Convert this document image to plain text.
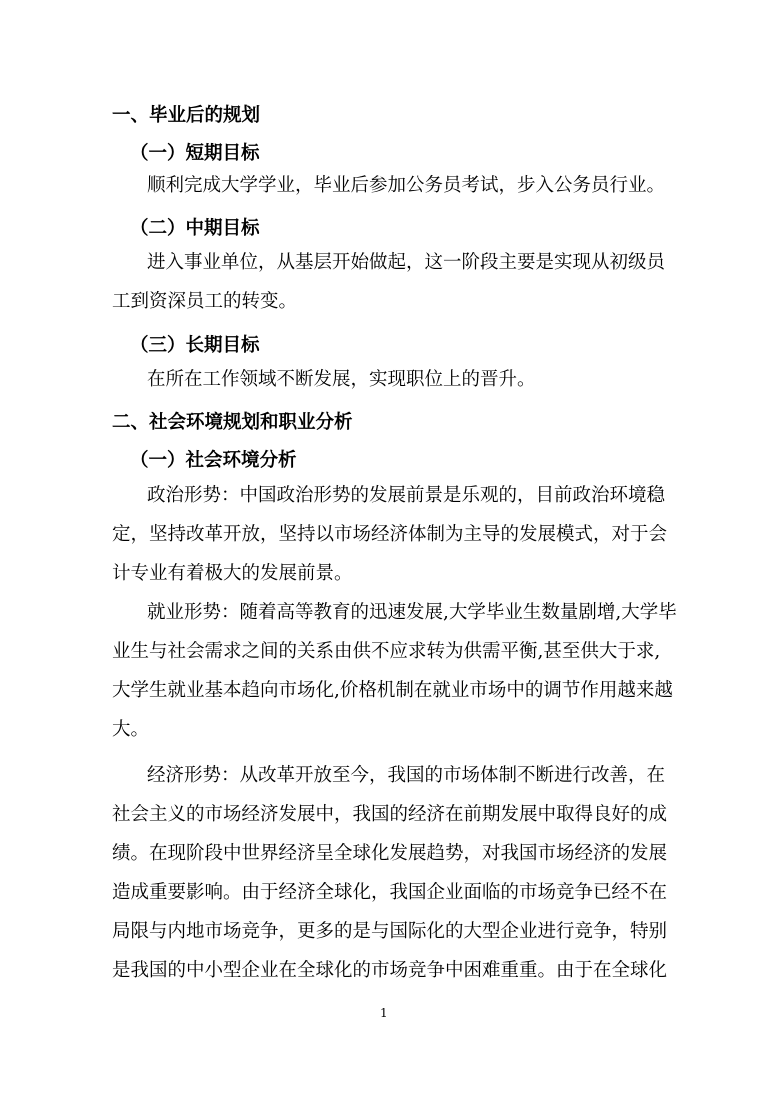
一、毕业后的规划
（一）短期目标
顺利完成大学学业，毕业后参加公务员考试，步入公务员行业。
（二）中期目标
进入事业单位，从基层开始做起，这一阶段主要是实现从初级员
工到资深员工的转变。
（三）长期目标
在所在工作领域不断发展，实现职位上的晋升。
二、社会环境规划和职业分析
（一）社会环境分析
政治形势：中国政治形势的发展前景是乐观的，目前政治环境稳
定，坚持改革开放，坚持以市场经济体制为主导的发展模式，对于会
计专业有着极大的发展前景。
就业形势：随着高等教育的迅速发展,大学毕业生数量剧增,大学毕
业生与社会需求之间的关系由供不应求转为供需平衡,甚至供大于求,
大学生就业基本趋向市场化,价格机制在就业市场中的调节作用越来越
大。
经济形势：从改革开放至今，我国的市场体制不断进行改善，在
社会主义的市场经济发展中，我国的经济在前期发展中取得良好的成
绩。在现阶段中世界经济呈全球化发展趋势，对我国市场经济的发展
造成重要影响。由于经济全球化，我国企业面临的市场竞争已经不在
局限与内地市场竞争，更多的是与国际化的大型企业进行竞争，特别
是我国的中小型企业在全球化的市场竞争中困难重重。由于在全球化
1
